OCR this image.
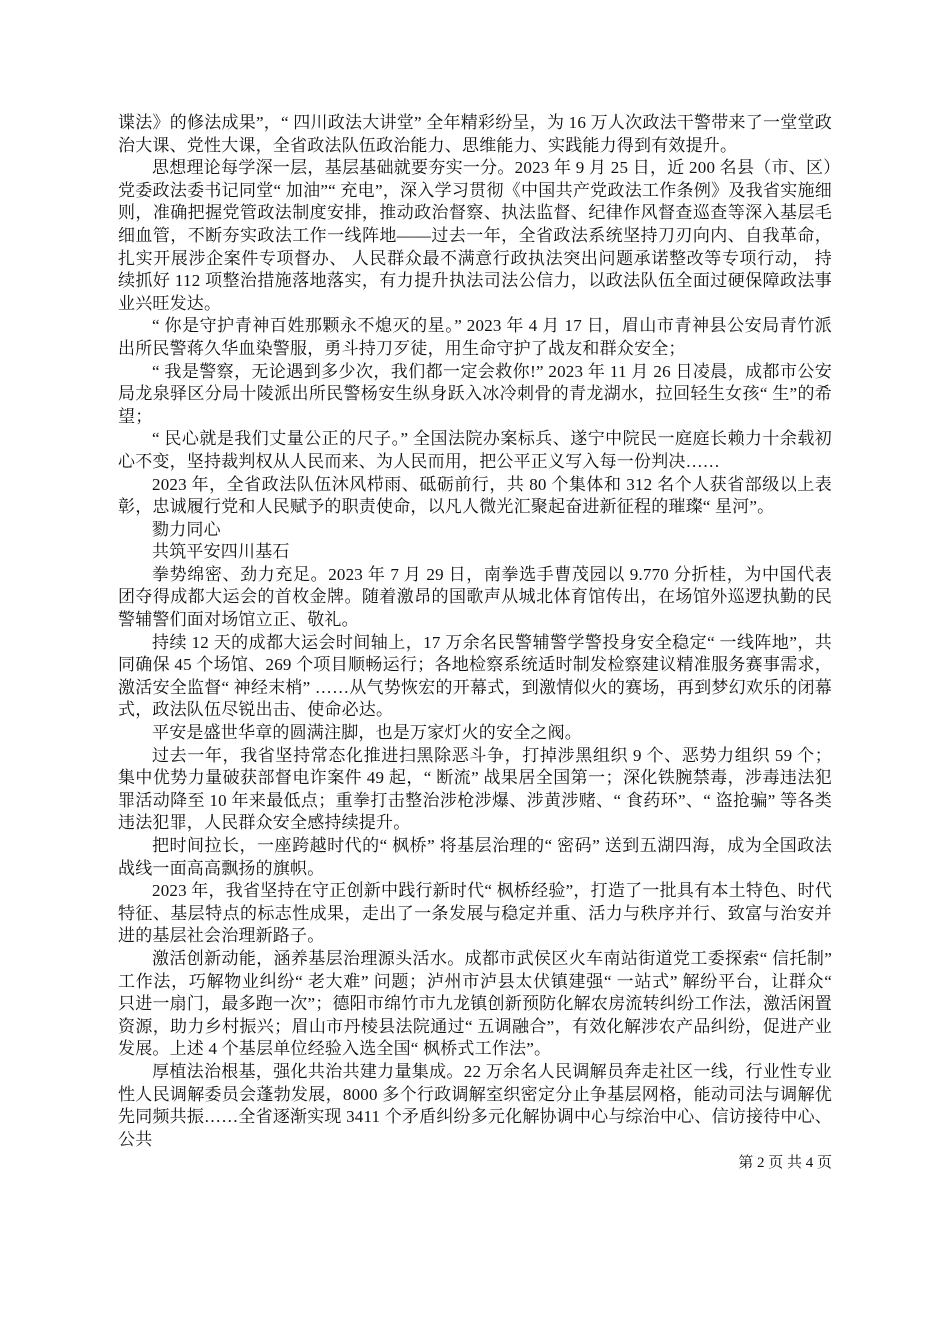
谍法》的修法成果”，“ 四川政法大讲堂” 全年精彩纷呈，为 16 万人次政法干警带来了一堂堂政治大课、党性大课，全省政法队伍政治能力、思维能力、实践能力得到有效提升。

思想理论每学深一层，基层基础就要夯实一分。2023 年 9 月 25 日，近 200 名县（市、区）党委政法委书记同堂“ 加油”“ 充电”，深入学习贯彻《中国共产党政法工作条例》及我省实施细则，准确把握党管政法制度安排，推动政治督察、执法监督、纪律作风督查巡查等深入基层毛细血管，不断夯实政法工作一线阵地——过去一年，全省政法系统坚持刀刃向内、自我革命，扎实开展涉企案件专项督办、 人民群众最不满意行政执法突出问题承诺整改等专项行动， 持续抓好 112 项整治措施落地落实，有力提升执法司法公信力，以政法队伍全面过硬保障政法事业兴旺发达。

“ 你是守护青神百姓那颗永不熄灭的星。” 2023 年 4 月 17 日，眉山市青神县公安局青竹派出所民警蒋久华血染警服，勇斗持刀歹徒，用生命守护了战友和群众安全；

“ 我是警察，无论遇到多少次，我们都一定会救你!” 2023 年 11 月 26 日凌晨，成都市公安局龙泉驿区分局十陵派出所民警杨安生纵身跃入冰冷刺骨的青龙湖水，拉回轻生女孩“ 生”的希望；

“ 民心就是我们丈量公正的尺子。” 全国法院办案标兵、遂宁中院民一庭庭长赖力十余载初心不变，坚持裁判权从人民而来、为人民而用，把公平正义写入每一份判决……

2023 年，全省政法队伍沐风栉雨、砥砺前行，共 80 个集体和 312 名个人获省部级以上表彰，忠诚履行党和人民赋予的职责使命，以凡人微光汇聚起奋进新征程的璀璨“ 星河”。

勠力同心

共筑平安四川基石

拳势绵密、劲力充足。2023 年 7 月 29 日，南拳选手曹茂园以 9.770 分折桂，为中国代表团夺得成都大运会的首枚金牌。随着激昂的国歌声从城北体育馆传出，在场馆外巡逻执勤的民警辅警们面对场馆立正、敬礼。

持续 12 天的成都大运会时间轴上，17 万余名民警辅警学警投身安全稳定“ 一线阵地”，共同确保 45 个场馆、269 个项目顺畅运行；各地检察系统适时制发检察建议精准服务赛事需求，激活安全监督“ 神经末梢” ……从气势恢宏的开幕式，到激情似火的赛场，再到梦幻欢乐的闭幕式，政法队伍尽锐出击、使命必达。

平安是盛世华章的圆满注脚，也是万家灯火的安全之阀。

过去一年，我省坚持常态化推进扫黑除恶斗争，打掉涉黑组织 9 个、恶势力组织 59 个；集中优势力量破获部督电诈案件 49 起，“ 断流” 战果居全国第一；深化铁腕禁毒，涉毒违法犯罪活动降至 10 年来最低点；重拳打击整治涉枪涉爆、涉黄涉赌、“ 食药环”、“ 盗抢骗” 等各类违法犯罪，人民群众安全感持续提升。

把时间拉长，一座跨越时代的“ 枫桥” 将基层治理的“ 密码” 送到五湖四海，成为全国政法战线一面高高飘扬的旗帜。

2023 年，我省坚持在守正创新中践行新时代“ 枫桥经验”，打造了一批具有本土特色、时代特征、基层特点的标志性成果，走出了一条发展与稳定并重、活力与秩序并行、致富与治安并进的基层社会治理新路子。

激活创新动能，涵养基层治理源头活水。成都市武侯区火车南站街道党工委探索“ 信托制” 工作法，巧解物业纠纷“ 老大难” 问题；泸州市泸县太伏镇建强“ 一站式” 解纷平台，让群众“ 只进一扇门，最多跑一次”；德阳市绵竹市九龙镇创新预防化解农房流转纠纷工作法，激活闲置资源，助力乡村振兴；眉山市丹棱县法院通过“ 五调融合”，有效化解涉农产品纠纷，促进产业发展。上述 4 个基层单位经验入选全国“ 枫桥式工作法”。

厚植法治根基，强化共治共建力量集成。22 万余名人民调解员奔走社区一线，行业性专业性人民调解委员会蓬勃发展，8000 多个行政调解室织密定分止争基层网格，能动司法与调解优先同频共振……全省逐渐实现 3411 个矛盾纠纷多元化解协调中心与综治中心、信访接待中心、公共

第 2 页 共 4 页
